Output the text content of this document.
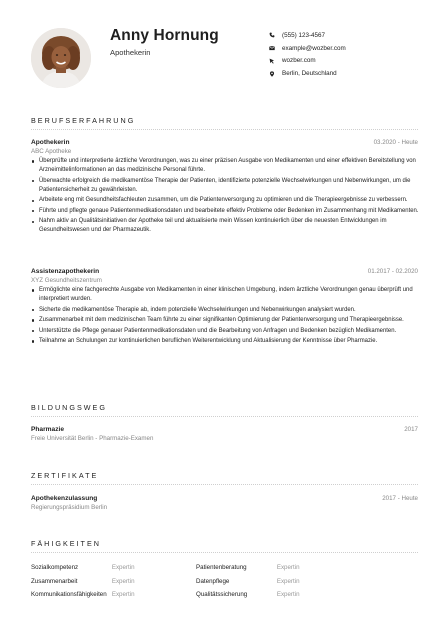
Anny Hornung
Apothekerin
(555) 123-4567
example@wozber.com
wozber.com
Berlin, Deutschland
BERUFSERFAHRUNG
Apothekerin	03.2020 - Heute
ABC Apotheke
Überprüfte und interpretierte ärztliche Verordnungen, was zu einer präzisen Ausgabe von Medikamenten und einer effektiven Bereitstellung von Arzneimittelinformationen an das medizinische Personal führte.
Überwachte erfolgreich die medikamentöse Therapie der Patienten, identifizierte potenzielle Wechselwirkungen und Nebenwirkungen, um die Patientensicherheit zu gewährleisten.
Arbeitete eng mit Gesundheitsfachleuten zusammen, um die Patientenversorgung zu optimieren und die Therapieergebnisse zu verbessern.
Führte und pflegte genaue Patientenmedikationsdaten und bearbeitete effektiv Probleme oder Bedenken im Zusammenhang mit Medikamenten.
Nahm aktiv an Qualitätsinitiativen der Apotheke teil und aktualisierte mein Wissen kontinuierlich über die neuesten Entwicklungen im Gesundheitswesen und der Pharmazeutik.
Assistenzapothekerin	01.2017 - 02.2020
XYZ Gesundheitszentrum
Ermöglichte eine fachgerechte Ausgabe von Medikamenten in einer klinischen Umgebung, indem ärztliche Verordnungen genau überprüft und interpretiert wurden.
Sicherte die medikamentöse Therapie ab, indem potenzielle Wechselwirkungen und Nebenwirkungen analysiert wurden.
Zusammenarbeit mit dem medizinischen Team führte zu einer signifikanten Optimierung der Patientenversorgung und Therapieergebnisse.
Unterstützte die Pflege genauer Patientenmedikationsdaten und die Bearbeitung von Anfragen und Bedenken bezüglich Medikamenten.
Teilnahme an Schulungen zur kontinuierlichen beruflichen Weiterentwicklung und Aktualisierung der Kenntnisse über Pharmazie.
BILDUNGSWEG
Pharmazie	2017
Freie Universität Berlin - Pharmazie-Examen
ZERTIFIKATE
Apothekenzulassung	2017 - Heute
Regierungspräsidium Berlin
FÄHIGKEITEN
Sozialkompetenz	Expertin	Patientenberatung	Expertin
Zusammenarbeit	Expertin	Datenpflege	Expertin
Kommunikationsfähigkeiten Expertin	Qualitätssicherung	Expertin
